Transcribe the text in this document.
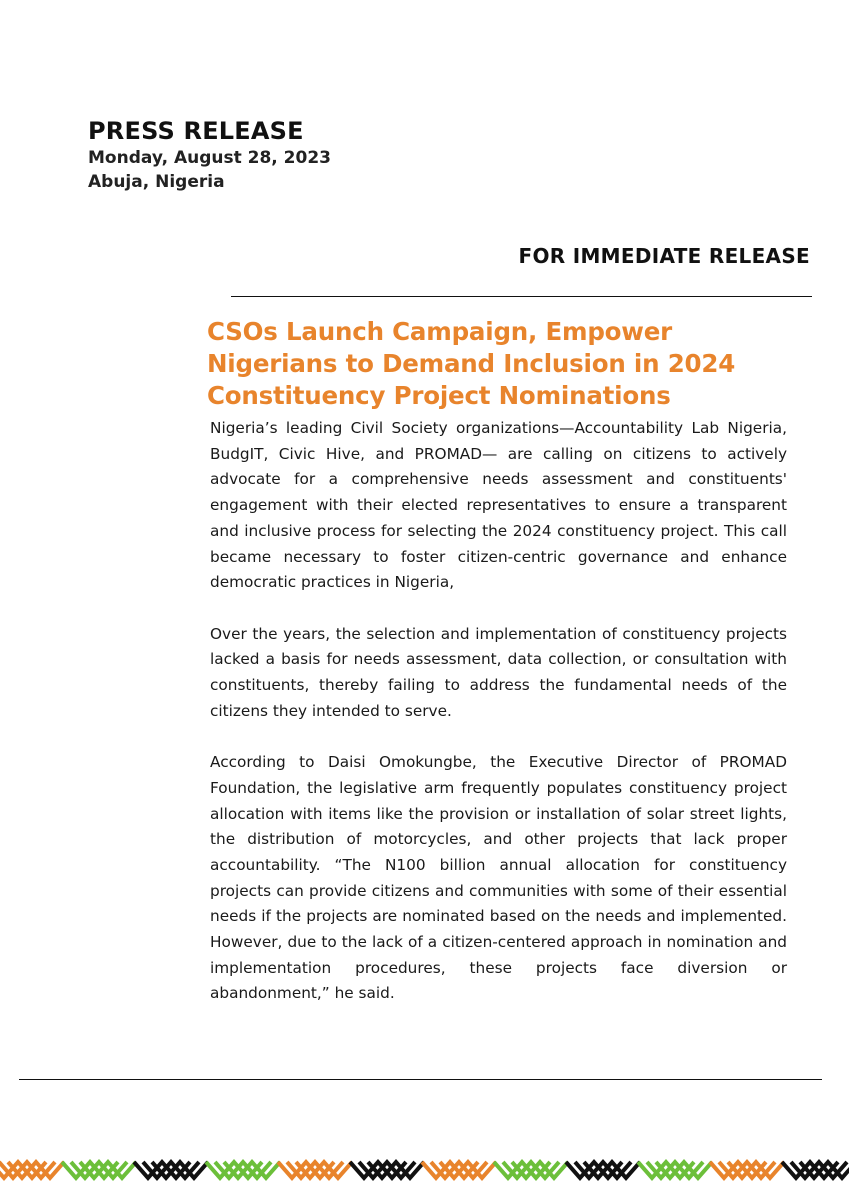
PRESS RELEASE

Monday, August 28, 2023

Abuja, Nigeria

FOR IMMEDIATE RELEASE

CSOs Launch Campaign, Empower Nigerians to Demand Inclusion in 2024 Constituency Project Nominations

Nigeria’s leading Civil Society organizations—Accountability Lab Nigeria, BudgIT, Civic Hive, and PROMAD— are calling on citizens to actively advocate for a comprehensive needs assessment and constituents' engagement with their elected representatives to ensure a transparent and inclusive process for selecting the 2024 constituency project. This call became necessary to foster citizen-centric governance and enhance democratic practices in Nigeria,

Over the years, the selection and implementation of constituency projects lacked a basis for needs assessment, data collection, or consultation with constituents, thereby failing to address the fundamental needs of the citizens they intended to serve.

According to Daisi Omokungbe, the Executive Director of PROMAD Foundation, the legislative arm frequently populates constituency project allocation with items like the provision or installation of solar street lights, the distribution of motorcycles, and other projects that lack proper accountability. “The N100 billion annual allocation for constituency projects can provide citizens and communities with some of their essential needs if the projects are nominated based on the needs and implemented. However, due to the lack of a citizen-centered approach in nomination and implementation procedures, these projects face diversion or abandonment,” he said.
